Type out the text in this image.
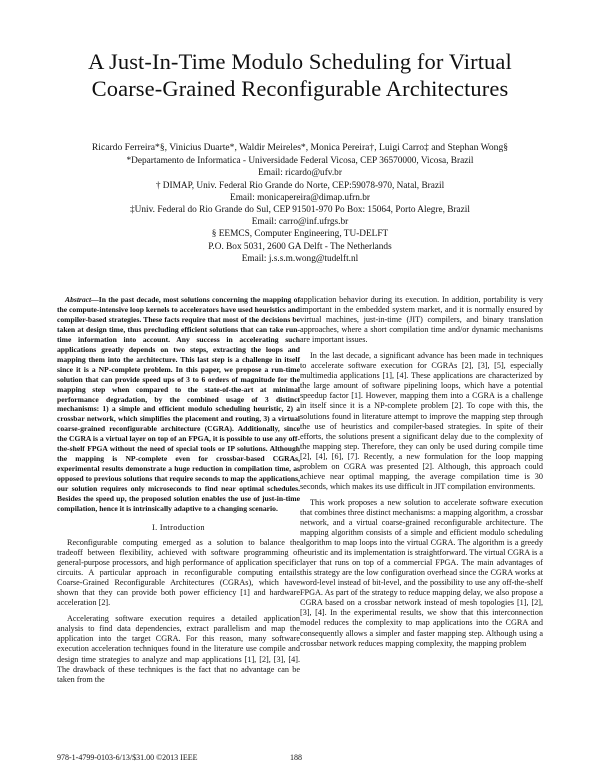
A Just-In-Time Modulo Scheduling for Virtual
Coarse-Grained Reconfigurable Architectures
Ricardo Ferreira*§, Vinicius Duarte*, Waldir Meireles*, Monica Pereira†, Luigi Carro‡ and Stephan Wong§
*Departamento de Informatica - Universidade Federal Vicosa, CEP 36570000, Vicosa, Brazil
Email: ricardo@ufv.br
† DIMAP, Univ. Federal Rio Grande do Norte, CEP:59078-970, Natal, Brazil
Email: monicapereira@dimap.ufrn.br
‡Univ. Federal do Rio Grande do Sul, CEP 91501-970 Po Box: 15064, Porto Alegre, Brazil
Email: carro@inf.ufrgs.br
§ EEMCS, Computer Engineering, TU-DELFT
P.O. Box 5031, 2600 GA Delft - The Netherlands
Email: j.s.s.m.wong@tudelft.nl
Abstract—In the past decade, most solutions concerning the mapping of the compute-intensive loop kernels to accelerators have used heuristics and compiler-based strategies. These facts require that most of the decisions be taken at design time, thus precluding efficient solutions that can take run-time information into account. Any success in accelerating such applications greatly depends on two steps, extracting the loops and mapping them into the architecture. This last step is a challenge in itself since it is a NP-complete problem. In this paper, we propose a run-time solution that can provide speed ups of 3 to 6 orders of magnitude for the mapping step when compared to the state-of-the-art at minimal performance degradation, by the combined usage of 3 distinct mechanisms: 1) a simple and efficient modulo scheduling heuristic, 2) a crossbar network, which simplifies the placement and routing, 3) a virtual coarse-grained reconfigurable architecture (CGRA). Additionally, since the CGRA is a virtual layer on top of an FPGA, it is possible to use any off-the-shelf FPGA without the need of special tools or IP solutions. Although the mapping is NP-complete even for crossbar-based CGRAs, experimental results demonstrate a huge reduction in compilation time, as opposed to previous solutions that require seconds to map the applications, our solution requires only microseconds to find near optimal schedules. Besides the speed up, the proposed solution enables the use of just-in-time compilation, hence it is intrinsically adaptive to a changing scenario.
I. Introduction

Reconfigurable computing emerged as a solution to balance the tradeoff between flexibility, achieved with software programming of general-purpose processors, and high performance of application specific circuits. A particular approach in reconfigurable computing entails Coarse-Grained Reconfigurable Architectures (CGRAs), which have shown that they can provide both power efficiency [1] and hardware acceleration [2].

Accelerating software execution requires a detailed application analysis to find data dependencies, extract parallelism and map the application into the target CGRA. For this reason, many software execution acceleration techniques found in the literature use compile and design time strategies to analyze and map applications [1], [2], [3], [4]. The drawback of these techniques is the fact that no advantage can be taken from the

application behavior during its execution. In addition, portability is very important in the embedded system market, and it is normally ensured by virtual machines, just-in-time (JIT) compilers, and binary translation approaches, where a short compilation time and/or dynamic mechanisms are important issues.

In the last decade, a significant advance has been made in techniques to accelerate software execution for CGRAs [2], [3], [5], especially multimedia applications [1], [4]. These applications are characterized by the large amount of software pipelining loops, which have a potential speedup factor [1]. However, mapping them into a CGRA is a challenge in itself since it is a NP-complete problem [2]. To cope with this, the solutions found in literature attempt to improve the mapping step through the use of heuristics and compiler-based strategies. In spite of their efforts, the solutions present a significant delay due to the complexity of the mapping step. Therefore, they can only be used during compile time [2], [4], [6], [7]. Recently, a new formulation for the loop mapping problem on CGRA was presented [2]. Although, this approach could achieve near optimal mapping, the average compilation time is 30 seconds, which makes its use difficult in JIT compilation environments.

This work proposes a new solution to accelerate software execution that combines three distinct mechanisms: a mapping algorithm, a crossbar network, and a virtual coarse-grained reconfigurable architecture. The mapping algorithm consists of a simple and efficient modulo scheduling algorithm to map loops into the virtual CGRA. The algorithm is a greedy heuristic and its implementation is straightforward. The virtual CGRA is a layer that runs on top of a commercial FPGA. The main advantages of this strategy are the low configuration overhead since the CGRA works at word-level instead of bit-level, and the possibility to use any off-the-shelf FPGA. As part of the strategy to reduce mapping delay, we also propose a CGRA based on a crossbar network instead of mesh topologies [1], [2], [3], [4]. In the experimental results, we show that this interconnection model reduces the complexity to map applications into the CGRA and consequently allows a simpler and faster mapping step. Although using a crossbar network reduces mapping complexity, the mapping problem

978-1-4799-0103-6/13/$31.00 ©2013 IEEE	188
